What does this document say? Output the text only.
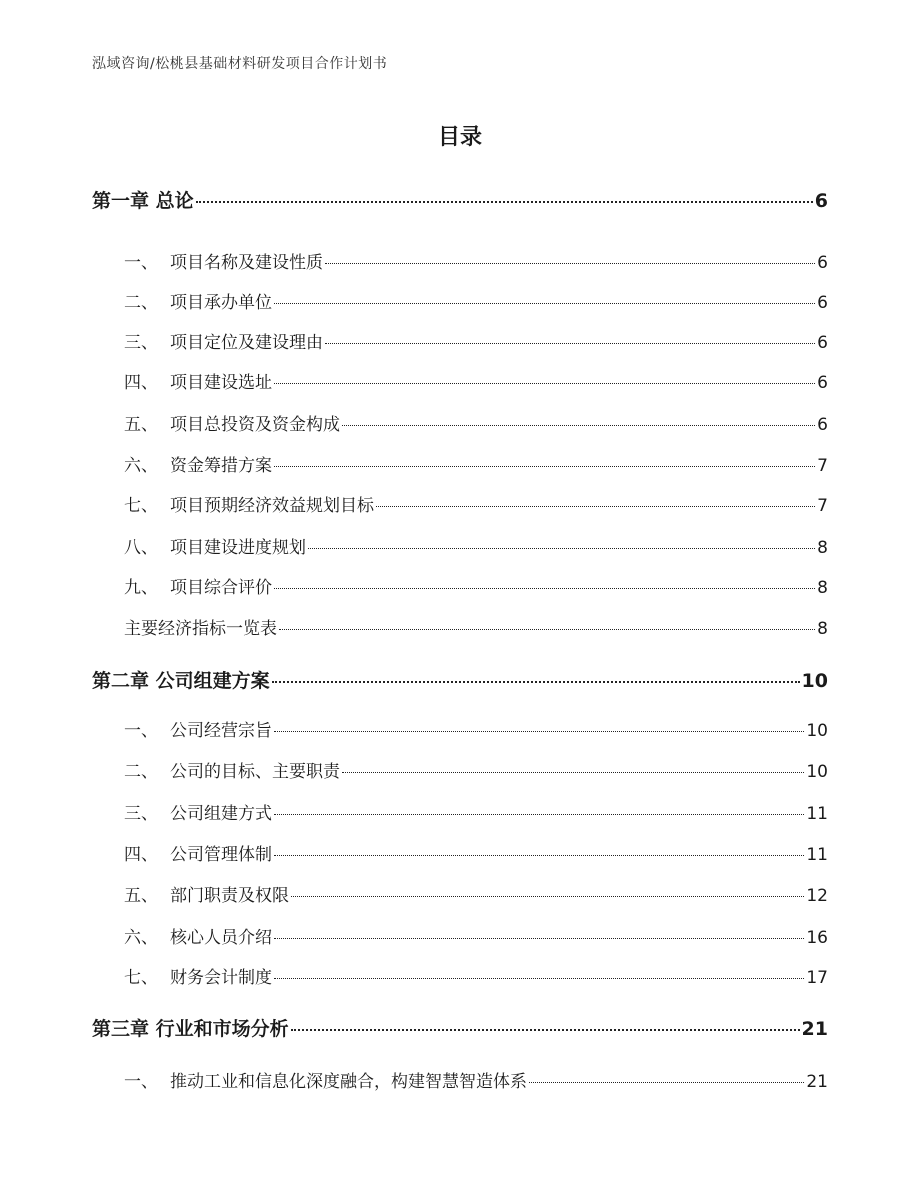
泓域咨询/松桃县基础材料研发项目合作计划书
目录
第一章 总论	6
一、 项目名称及建设性质	6
二、 项目承办单位	6
三、 项目定位及建设理由	6
四、 项目建设选址	6
五、 项目总投资及资金构成	6
六、 资金筹措方案	7
七、 项目预期经济效益规划目标	7
八、 项目建设进度规划	8
九、 项目综合评价	8
主要经济指标一览表	8
第二章 公司组建方案	10
一、 公司经营宗旨	10
二、 公司的目标、主要职责	10
三、 公司组建方式	11
四、 公司管理体制	11
五、 部门职责及权限	12
六、 核心人员介绍	16
七、 财务会计制度	17
第三章 行业和市场分析	21
一、 推动工业和信息化深度融合，构建智慧智造体系	21
